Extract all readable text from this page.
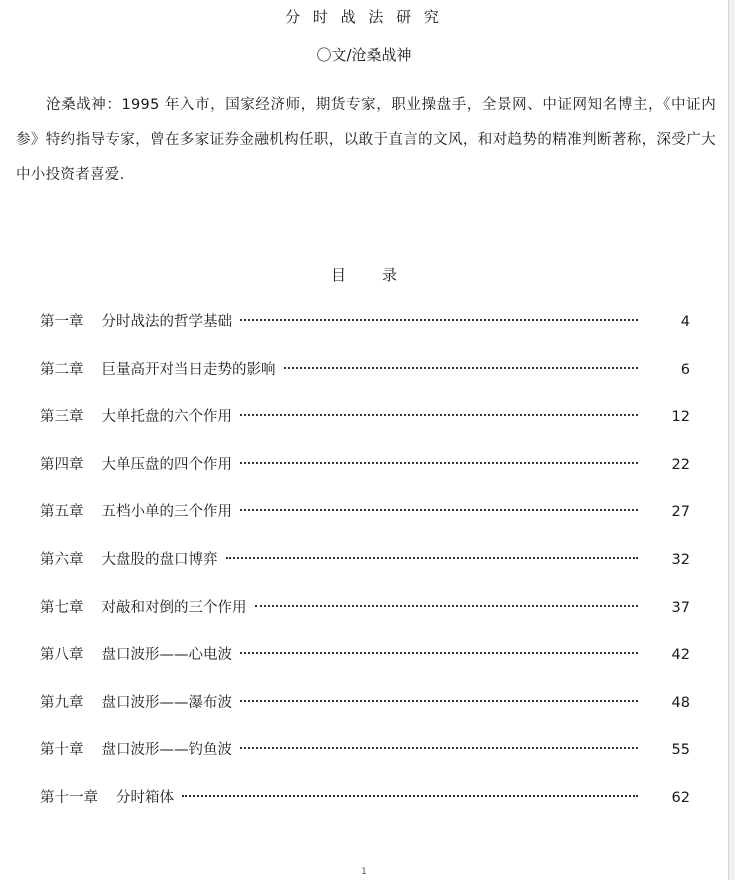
分 时 战 法 研 究
〇文/沧桑战神

沧桑战神：1995 年入市，国家经济师，期货专家，职业操盘手，全景网、中证网知名博主，《中证内参》特约指导专家，曾在多家证券金融机构任职，以敢于直言的文风，和对趋势的精准判断著称，深受广大中小投资者喜爱.

目 录
第一章 分时战法的哲学基础	4
第二章 巨量高开对当日走势的影响	6
第三章 大单托盘的六个作用	12
第四章 大单压盘的四个作用	22
第五章 五档小单的三个作用	27
第六章 大盘股的盘口博弈	32
第七章 对敲和对倒的三个作用	37
第八章 盘口波形——心电波	42
第九章 盘口波形——瀑布波	48
第十章 盘口波形——钓鱼波	55
第十一章 分时箱体	62
1
